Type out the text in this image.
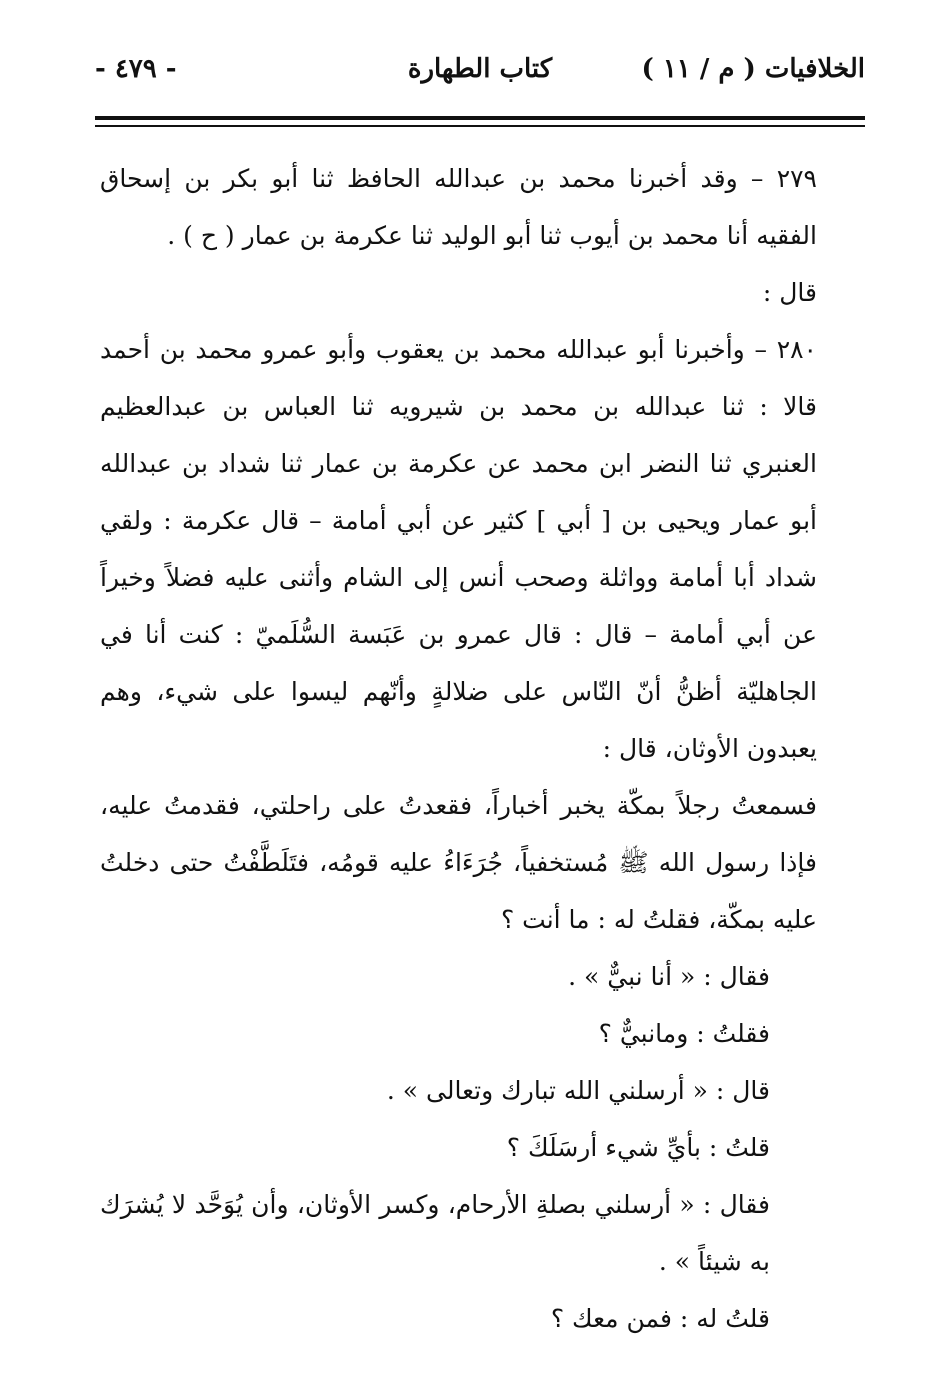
الخلافيات ( م / ١١ )
كتاب الطهارة
- ٤٧٩ -

٢٧٩ – وقد أخبرنا محمد بن عبدالله الحافظ ثنا أبو بكر بن إسحاق الفقيه أنا محمد بن أيوب ثنا أبو الوليد ثنا عكرمة بن عمار ( ح ) .

قال :

٢٨٠ – وأخبرنا أبو عبدالله محمد بن يعقوب وأبو عمرو محمد بن أحمد قالا : ثنا عبدالله بن محمد بن شيرويه ثنا العباس بن عبدالعظيم العنبري ثنا النضر ابن محمد عن عكرمة بن عمار ثنا شداد بن عبدالله أبو عمار ويحيى بن [ أبي ] كثير عن أبي أمامة – قال عكرمة : ولقي شداد أبا أمامة وواثلة وصحب أنس إلى الشام وأثنى عليه فضلاً وخيراً عن أبي أمامة – قال : قال عمرو بن عَبَسة السُّلَميّ : كنت أنا في الجاهليّة أظنُّ أنّ النّاس على ضلالةٍ وأنّهم ليسوا على شيء، وهم يعبدون الأوثان، قال :

فسمعتُ رجلاً بمكّة يخبر أخباراً، فقعدتُ على راحلتي، فقدمتُ عليه، فإذا رسول الله ﷺ مُستخفياً، جُرَءَاءُ عليه قومُه، فتَلَطَّفْتُ حتى دخلتُ عليه بمكّة، فقلتُ له : ما أنت ؟

فقال : « أنا نبيٌّ » .

فقلتُ : ومانبيٌّ ؟

قال : « أرسلني الله تبارك وتعالى » .

قلتُ : بأيِّ شيء أرسَلَكَ ؟

فقال : « أرسلني بصلةِ الأرحام، وكسر الأوثان، وأن يُوَحَّد لا يُشرَك به شيئاً » .

قلتُ له : فمن معك ؟
